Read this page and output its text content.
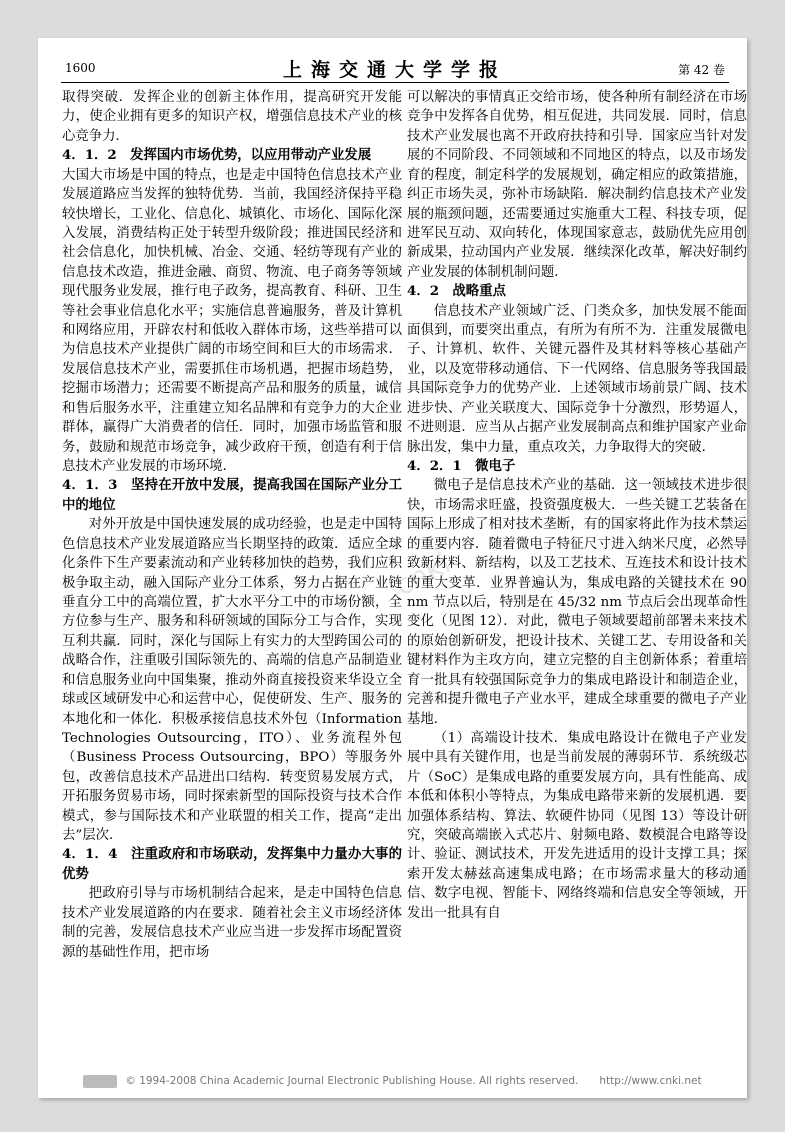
1600	上海交通大学学报	第 42 卷
cnki

取得突破．发挥企业的创新主体作用，提高研究开发能力，使企业拥有更多的知识产权，增强信息技术产业的核心竞争力．

4．1．2　发挥国内市场优势，以应用带动产业发展

大国大市场是中国的特点，也是走中国特色信息技术产业发展道路应当发挥的独特优势．当前，我国经济保持平稳较快增长，工业化、信息化、城镇化、市场化、国际化深入发展，消费结构正处于转型升级阶段；推进国民经济和社会信息化，加快机械、冶金、交通、轻纺等现有产业的信息技术改造，推进金融、商贸、物流、电子商务等领域现代服务业发展，推行电子政务，提高教育、科研、卫生等社会事业信息化水平；实施信息普遍服务，普及计算机和网络应用，开辟农村和低收入群体市场，这些举措可以为信息技术产业提供广阔的市场空间和巨大的市场需求．发展信息技术产业，需要抓住市场机遇，把握市场趋势，挖掘市场潜力；还需要不断提高产品和服务的质量，诚信和售后服务水平，注重建立知名品牌和有竞争力的大企业群体，赢得广大消费者的信任．同时，加强市场监管和服务，鼓励和规范市场竞争，减少政府干预，创造有利于信息技术产业发展的市场环境．

4．1．3　坚持在开放中发展，提高我国在国际产业分工中的地位

对外开放是中国快速发展的成功经验，也是走中国特色信息技术产业发展道路应当长期坚持的政策．适应全球化条件下生产要素流动和产业转移加快的趋势，我们应积极争取主动，融入国际产业分工体系，努力占据在产业链垂直分工中的高端位置，扩大水平分工中的市场份额，全方位参与生产、服务和科研领域的国际分工与合作，实现互利共赢．同时，深化与国际上有实力的大型跨国公司的战略合作，注重吸引国际领先的、高端的信息产品制造业和信息服务业向中国集聚，推动外商直接投资来华设立全球或区域研发中心和运营中心，促使研发、生产、服务的本地化和一体化．积极承接信息技术外包（Information Technologies Outsourcing，ITO）、业务流程外包（Business Process Outsourcing，BPO）等服务外包，改善信息技术产品进出口结构．转变贸易发展方式，开拓服务贸易市场，同时探索新型的国际投资与技术合作模式，参与国际技术和产业联盟的相关工作，提高“走出去”层次．

4．1．4　注重政府和市场联动，发挥集中力量办大事的优势

把政府引导与市场机制结合起来，是走中国特色信息技术产业发展道路的内在要求．随着社会主义市场经济体制的完善，发展信息技术产业应当进一步发挥市场配置资源的基础性作用，把市场

可以解决的事情真正交给市场，使各种所有制经济在市场竞争中发挥各自优势，相互促进，共同发展．同时，信息技术产业发展也离不开政府扶持和引导．国家应当针对发展的不同阶段、不同领域和不同地区的特点，以及市场发育的程度，制定科学的发展规划，确定相应的政策措施，纠正市场失灵，弥补市场缺陷．解决制约信息技术产业发展的瓶颈问题，还需要通过实施重大工程、科技专项，促进军民互动、双向转化，体现国家意志，鼓励优先应用创新成果，拉动国内产业发展．继续深化改革，解决好制约产业发展的体制机制问题．

4．2　战略重点

信息技术产业领域广泛、门类众多，加快发展不能面面俱到，而要突出重点，有所为有所不为．注重发展微电子、计算机、软件、关键元器件及其材料等核心基础产业，以及宽带移动通信、下一代网络、信息服务等我国最具国际竞争力的优势产业．上述领域市场前景广阔、技术进步快、产业关联度大、国际竞争十分激烈，形势逼人，不进则退．应当从占据产业发展制高点和维护国家产业命脉出发，集中力量，重点攻关，力争取得大的突破．

4．2．1　微电子

微电子是信息技术产业的基础．这一领域技术进步很快，市场需求旺盛，投资强度极大．一些关键工艺装备在国际上形成了相对技术垄断，有的国家将此作为技术禁运的重要内容．随着微电子特征尺寸进入纳米尺度，必然导致新材料、新结构，以及工艺技术、互连技术和设计技术的重大变革．业界普遍认为，集成电路的关键技术在 90 nm 节点以后，特别是在 45/32 nm 节点后会出现革命性变化（见图 12）．对此，微电子领域要超前部署未来技术的原始创新研发，把设计技术、关键工艺、专用设备和关键材料作为主攻方向，建立完整的自主创新体系；着重培育一批具有较强国际竞争力的集成电路设计和制造企业，完善和提升微电子产业水平，建成全球重要的微电子产业基地．

（1）高端设计技术．集成电路设计在微电子产业发展中具有关键作用，也是当前发展的薄弱环节．系统级芯片（SoC）是集成电路的重要发展方向，具有性能高、成本低和体积小等特点，为集成电路带来新的发展机遇．要加强体系结构、算法、软硬件协同（见图 13）等设计研究，突破高端嵌入式芯片、射频电路、数模混合电路等设计、验证、测试技术，开发先进适用的设计支撑工具；探索开发太赫兹高速集成电路；在市场需求量大的移动通信、数字电视、智能卡、网络终端和信息安全等领域，开发出一批具有自

© 1994-2008 China Academic Journal Electronic Publishing House. All rights reserved.　　http://www.cnki.net
